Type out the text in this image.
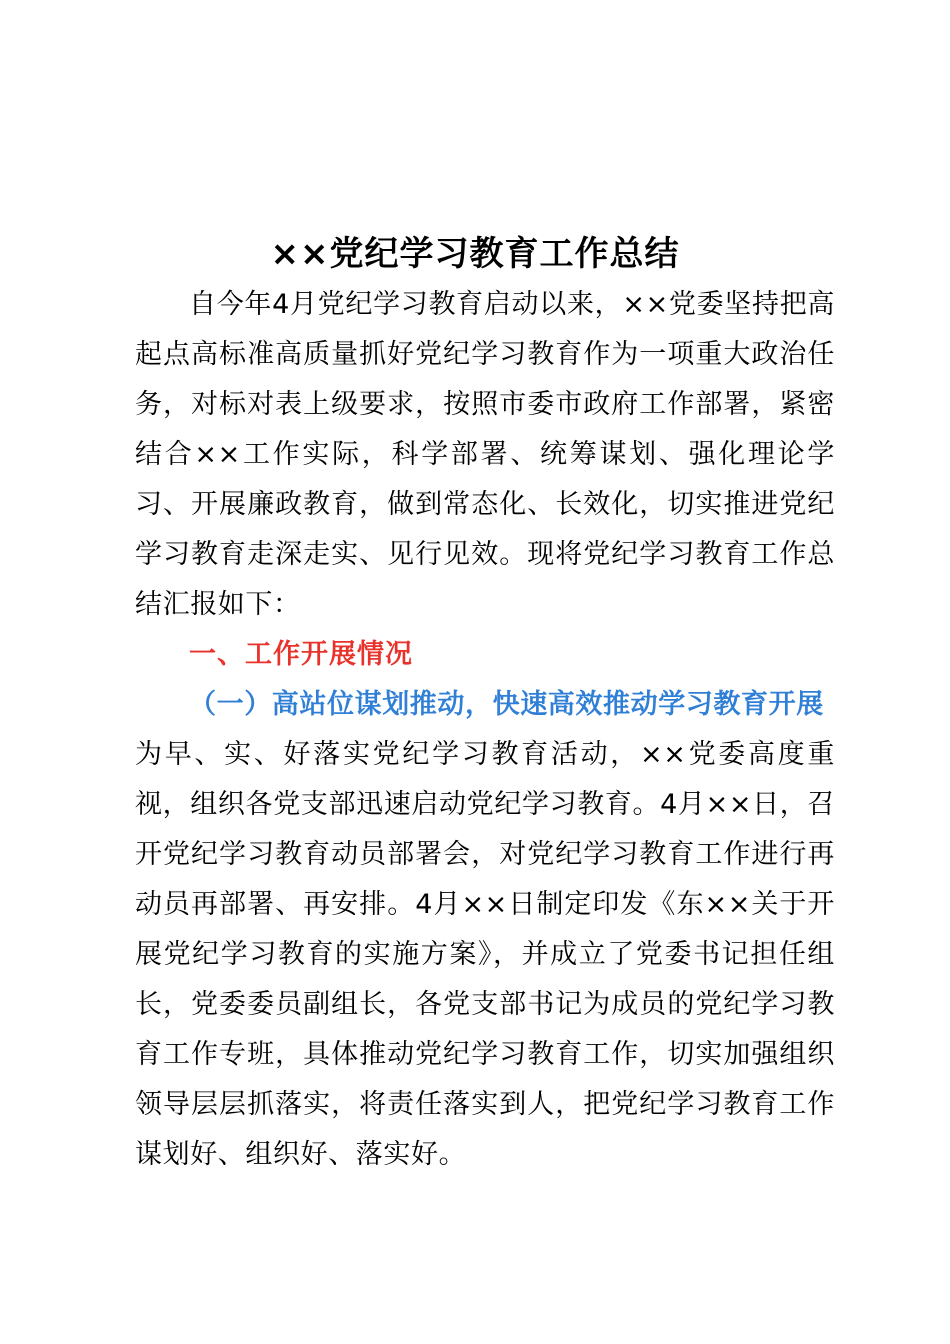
××党纪学习教育工作总结

自今年4月党纪学习教育启动以来，××党委坚持把高起点高标准高质量抓好党纪学习教育作为一项重大政治任务，对标对表上级要求，按照市委市政府工作部署，紧密结合××工作实际，科学部署、统筹谋划、强化理论学习、开展廉政教育，做到常态化、长效化，切实推进党纪学习教育走深走实、见行见效。现将党纪学习教育工作总结汇报如下：

一、工作开展情况
（一）高站位谋划推动，快速高效推动学习教育开展

为早、实、好落实党纪学习教育活动，××党委高度重视，组织各党支部迅速启动党纪学习教育。4月××日，召开党纪学习教育动员部署会，对党纪学习教育工作进行再动员再部署、再安排。4月××日制定印发《东××关于开展党纪学习教育的实施方案》，并成立了党委书记担任组长，党委委员副组长，各党支部书记为成员的党纪学习教育工作专班，具体推动党纪学习教育工作，切实加强组织领导层层抓落实，将责任落实到人，把党纪学习教育工作谋划好、组织好、落实好。
